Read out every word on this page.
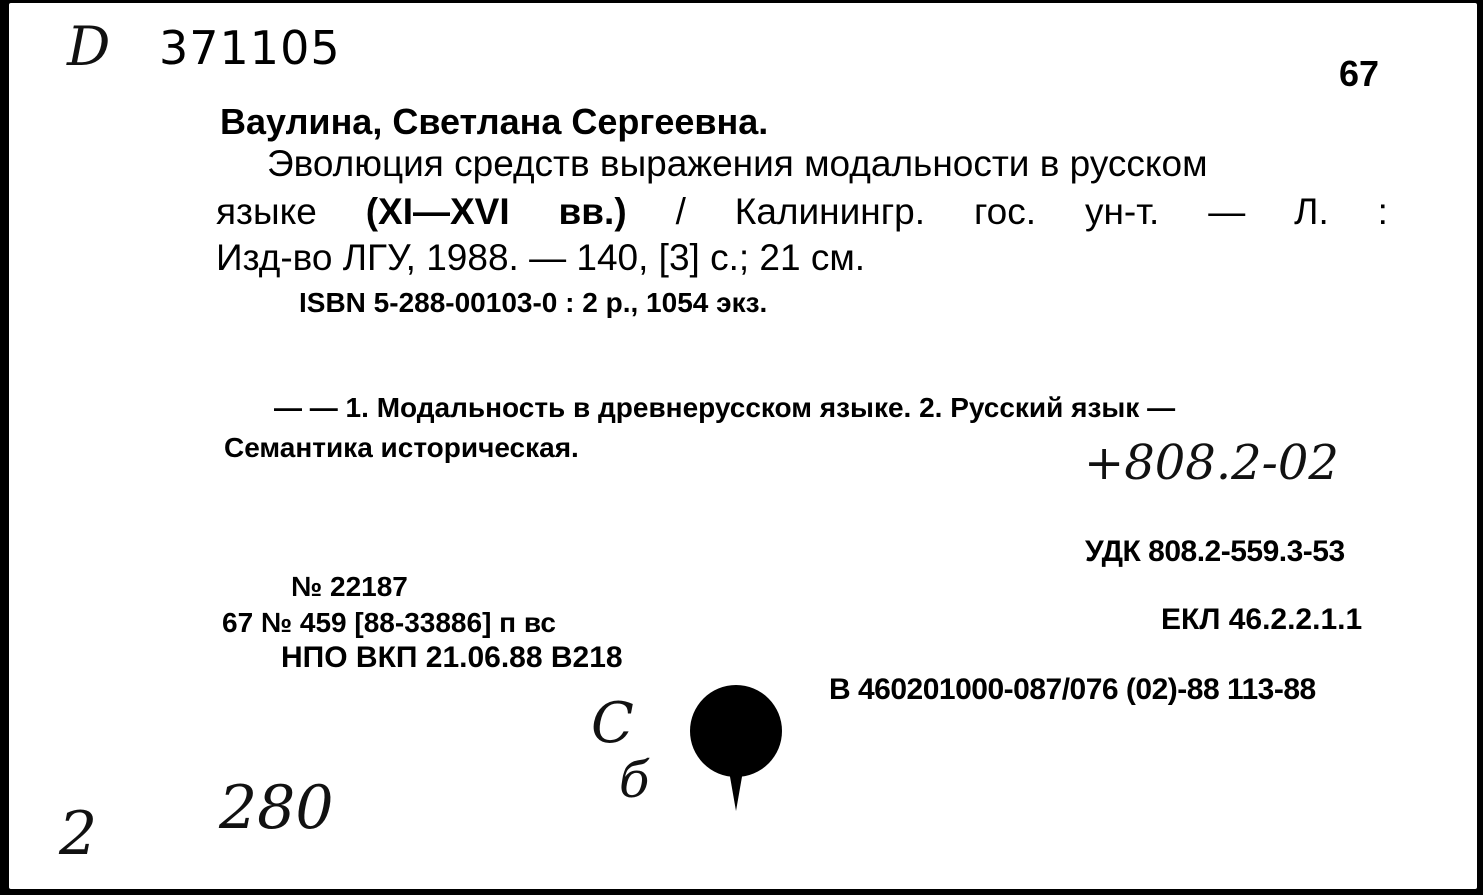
D 371105	67
Ваулина, Светлана Сергеевна.
Эволюция средств выражения модальности в русском
языке (XI—XVI вв.) / Калинингр. гос. ун-т. — Л. :
Изд-во ЛГУ, 1988. — 140, [3] с.; 21 см.
ISBN 5-288-00103-0 : 2 р., 1054 экз.
— — 1. Модальность в древнерусском языке. 2. Русский язык —
Семантика историческая.	+808.2-02
УДК 808.2-559.3-53
ЕКЛ 46.2.2.1.1
В 460201000-087/076 (02)-88 113-88
№ 22187
67 № 459 [88-33886] п вс
НПО ВКП 21.06.88 В218
С
б
280
2
